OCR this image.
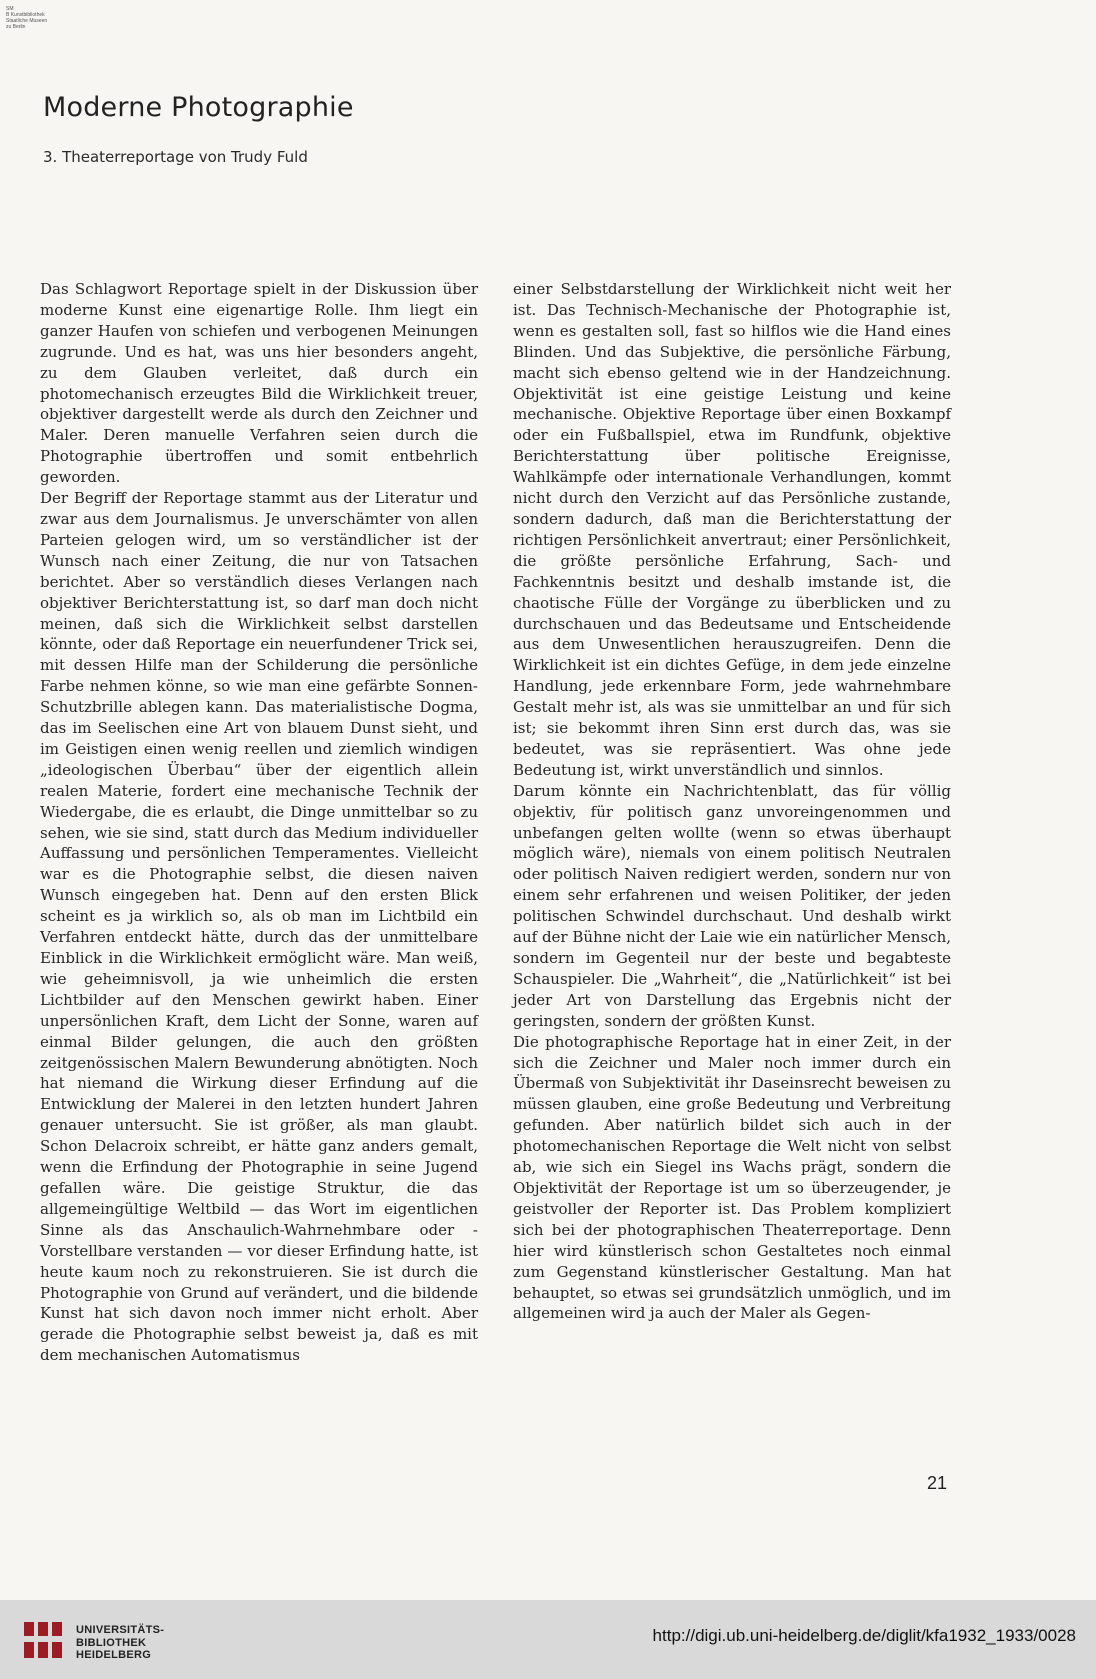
SM
B Kunstbibliothek
Staatliche Museen
zu Berlin
Moderne Photographie
3. Theaterreportage von Trudy Fuld

Das Schlagwort Reportage spielt in der Diskussion über moderne Kunst eine eigenartige Rolle. Ihm liegt ein ganzer Haufen von schiefen und verbogenen Meinungen zugrunde. Und es hat, was uns hier besonders angeht, zu dem Glauben verleitet, daß durch ein photomechanisch erzeugtes Bild die Wirklichkeit treuer, objektiver dargestellt werde als durch den Zeichner und Maler. Deren manuelle Verfahren seien durch die Photographie übertroffen und somit entbehrlich geworden.

Der Begriff der Reportage stammt aus der Literatur und zwar aus dem Journalismus. Je unverschämter von allen Parteien gelogen wird, um so verständlicher ist der Wunsch nach einer Zeitung, die nur von Tatsachen berichtet. Aber so verständlich dieses Verlangen nach objektiver Berichterstattung ist, so darf man doch nicht meinen, daß sich die Wirklichkeit selbst darstellen könnte, oder daß Reportage ein neuerfundener Trick sei, mit dessen Hilfe man der Schilderung die persönliche Farbe nehmen könne, so wie man eine gefärbte Sonnen-Schutzbrille ablegen kann. Das materialistische Dogma, das im Seelischen eine Art von blauem Dunst sieht, und im Geistigen einen wenig reellen und ziemlich windigen „ideologischen Überbau“ über der eigentlich allein realen Materie, fordert eine mechanische Technik der Wiedergabe, die es erlaubt, die Dinge unmittelbar so zu sehen, wie sie sind, statt durch das Medium individueller Auffassung und persönlichen Temperamentes. Vielleicht war es die Photographie selbst, die diesen naiven Wunsch eingegeben hat. Denn auf den ersten Blick scheint es ja wirklich so, als ob man im Lichtbild ein Verfahren entdeckt hätte, durch das der unmittelbare Einblick in die Wirklichkeit ermöglicht wäre. Man weiß, wie geheimnisvoll, ja wie unheimlich die ersten Lichtbilder auf den Menschen gewirkt haben. Einer unpersönlichen Kraft, dem Licht der Sonne, waren auf einmal Bilder gelungen, die auch den größten zeitgenössischen Malern Bewunderung abnötigten. Noch hat niemand die Wirkung dieser Erfindung auf die Entwicklung der Malerei in den letzten hundert Jahren genauer untersucht. Sie ist größer, als man glaubt. Schon Delacroix schreibt, er hätte ganz anders gemalt, wenn die Erfindung der Photographie in seine Jugend gefallen wäre. Die geistige Struktur, die das allgemeingültige Weltbild — das Wort im eigentlichen Sinne als das Anschaulich-Wahrnehmbare oder -Vorstellbare verstanden — vor dieser Erfindung hatte, ist heute kaum noch zu rekonstruieren. Sie ist durch die Photographie von Grund auf verändert, und die bildende Kunst hat sich davon noch immer nicht erholt. Aber gerade die Photographie selbst beweist ja, daß es mit dem mechanischen Automatismus

einer Selbstdarstellung der Wirklichkeit nicht weit her ist. Das Technisch-Mechanische der Photographie ist, wenn es gestalten soll, fast so hilflos wie die Hand eines Blinden. Und das Subjektive, die persönliche Färbung, macht sich ebenso geltend wie in der Handzeichnung. Objektivität ist eine geistige Leistung und keine mechanische. Objektive Reportage über einen Boxkampf oder ein Fußballspiel, etwa im Rundfunk, objektive Berichterstattung über politische Ereignisse, Wahlkämpfe oder internationale Verhandlungen, kommt nicht durch den Verzicht auf das Persönliche zustande, sondern dadurch, daß man die Berichterstattung der richtigen Persönlichkeit anvertraut; einer Persönlichkeit, die größte persönliche Erfahrung, Sach- und Fachkenntnis besitzt und deshalb imstande ist, die chaotische Fülle der Vorgänge zu überblicken und zu durchschauen und das Bedeutsame und Entscheidende aus dem Unwesentlichen herauszugreifen. Denn die Wirklichkeit ist ein dichtes Gefüge, in dem jede einzelne Handlung, jede erkennbare Form, jede wahrnehmbare Gestalt mehr ist, als was sie unmittelbar an und für sich ist; sie bekommt ihren Sinn erst durch das, was sie bedeutet, was sie repräsentiert. Was ohne jede Bedeutung ist, wirkt unverständlich und sinnlos.

Darum könnte ein Nachrichtenblatt, das für völlig objektiv, für politisch ganz unvoreingenommen und unbefangen gelten wollte (wenn so etwas überhaupt möglich wäre), niemals von einem politisch Neutralen oder politisch Naiven redigiert werden, sondern nur von einem sehr erfahrenen und weisen Politiker, der jeden politischen Schwindel durchschaut. Und deshalb wirkt auf der Bühne nicht der Laie wie ein natürlicher Mensch, sondern im Gegenteil nur der beste und begabteste Schauspieler. Die „Wahrheit“, die „Natürlichkeit“ ist bei jeder Art von Darstellung das Ergebnis nicht der geringsten, sondern der größten Kunst.

Die photographische Reportage hat in einer Zeit, in der sich die Zeichner und Maler noch immer durch ein Übermaß von Subjektivität ihr Daseinsrecht beweisen zu müssen glauben, eine große Bedeutung und Verbreitung gefunden. Aber natürlich bildet sich auch in der photomechanischen Reportage die Welt nicht von selbst ab, wie sich ein Siegel ins Wachs prägt, sondern die Objektivität der Reportage ist um so überzeugender, je geistvoller der Reporter ist. Das Problem kompliziert sich bei der photographischen Theaterreportage. Denn hier wird künstlerisch schon Gestaltetes noch einmal zum Gegenstand künstlerischer Gestaltung. Man hat behauptet, so etwas sei grundsätzlich unmöglich, und im allgemeinen wird ja auch der Maler als Gegen-

21
UNIVERSITÄTS-
BIBLIOTHEK
HEIDELBERG
http://digi.ub.uni-heidelberg.de/diglit/kfa1932_1933/0028
